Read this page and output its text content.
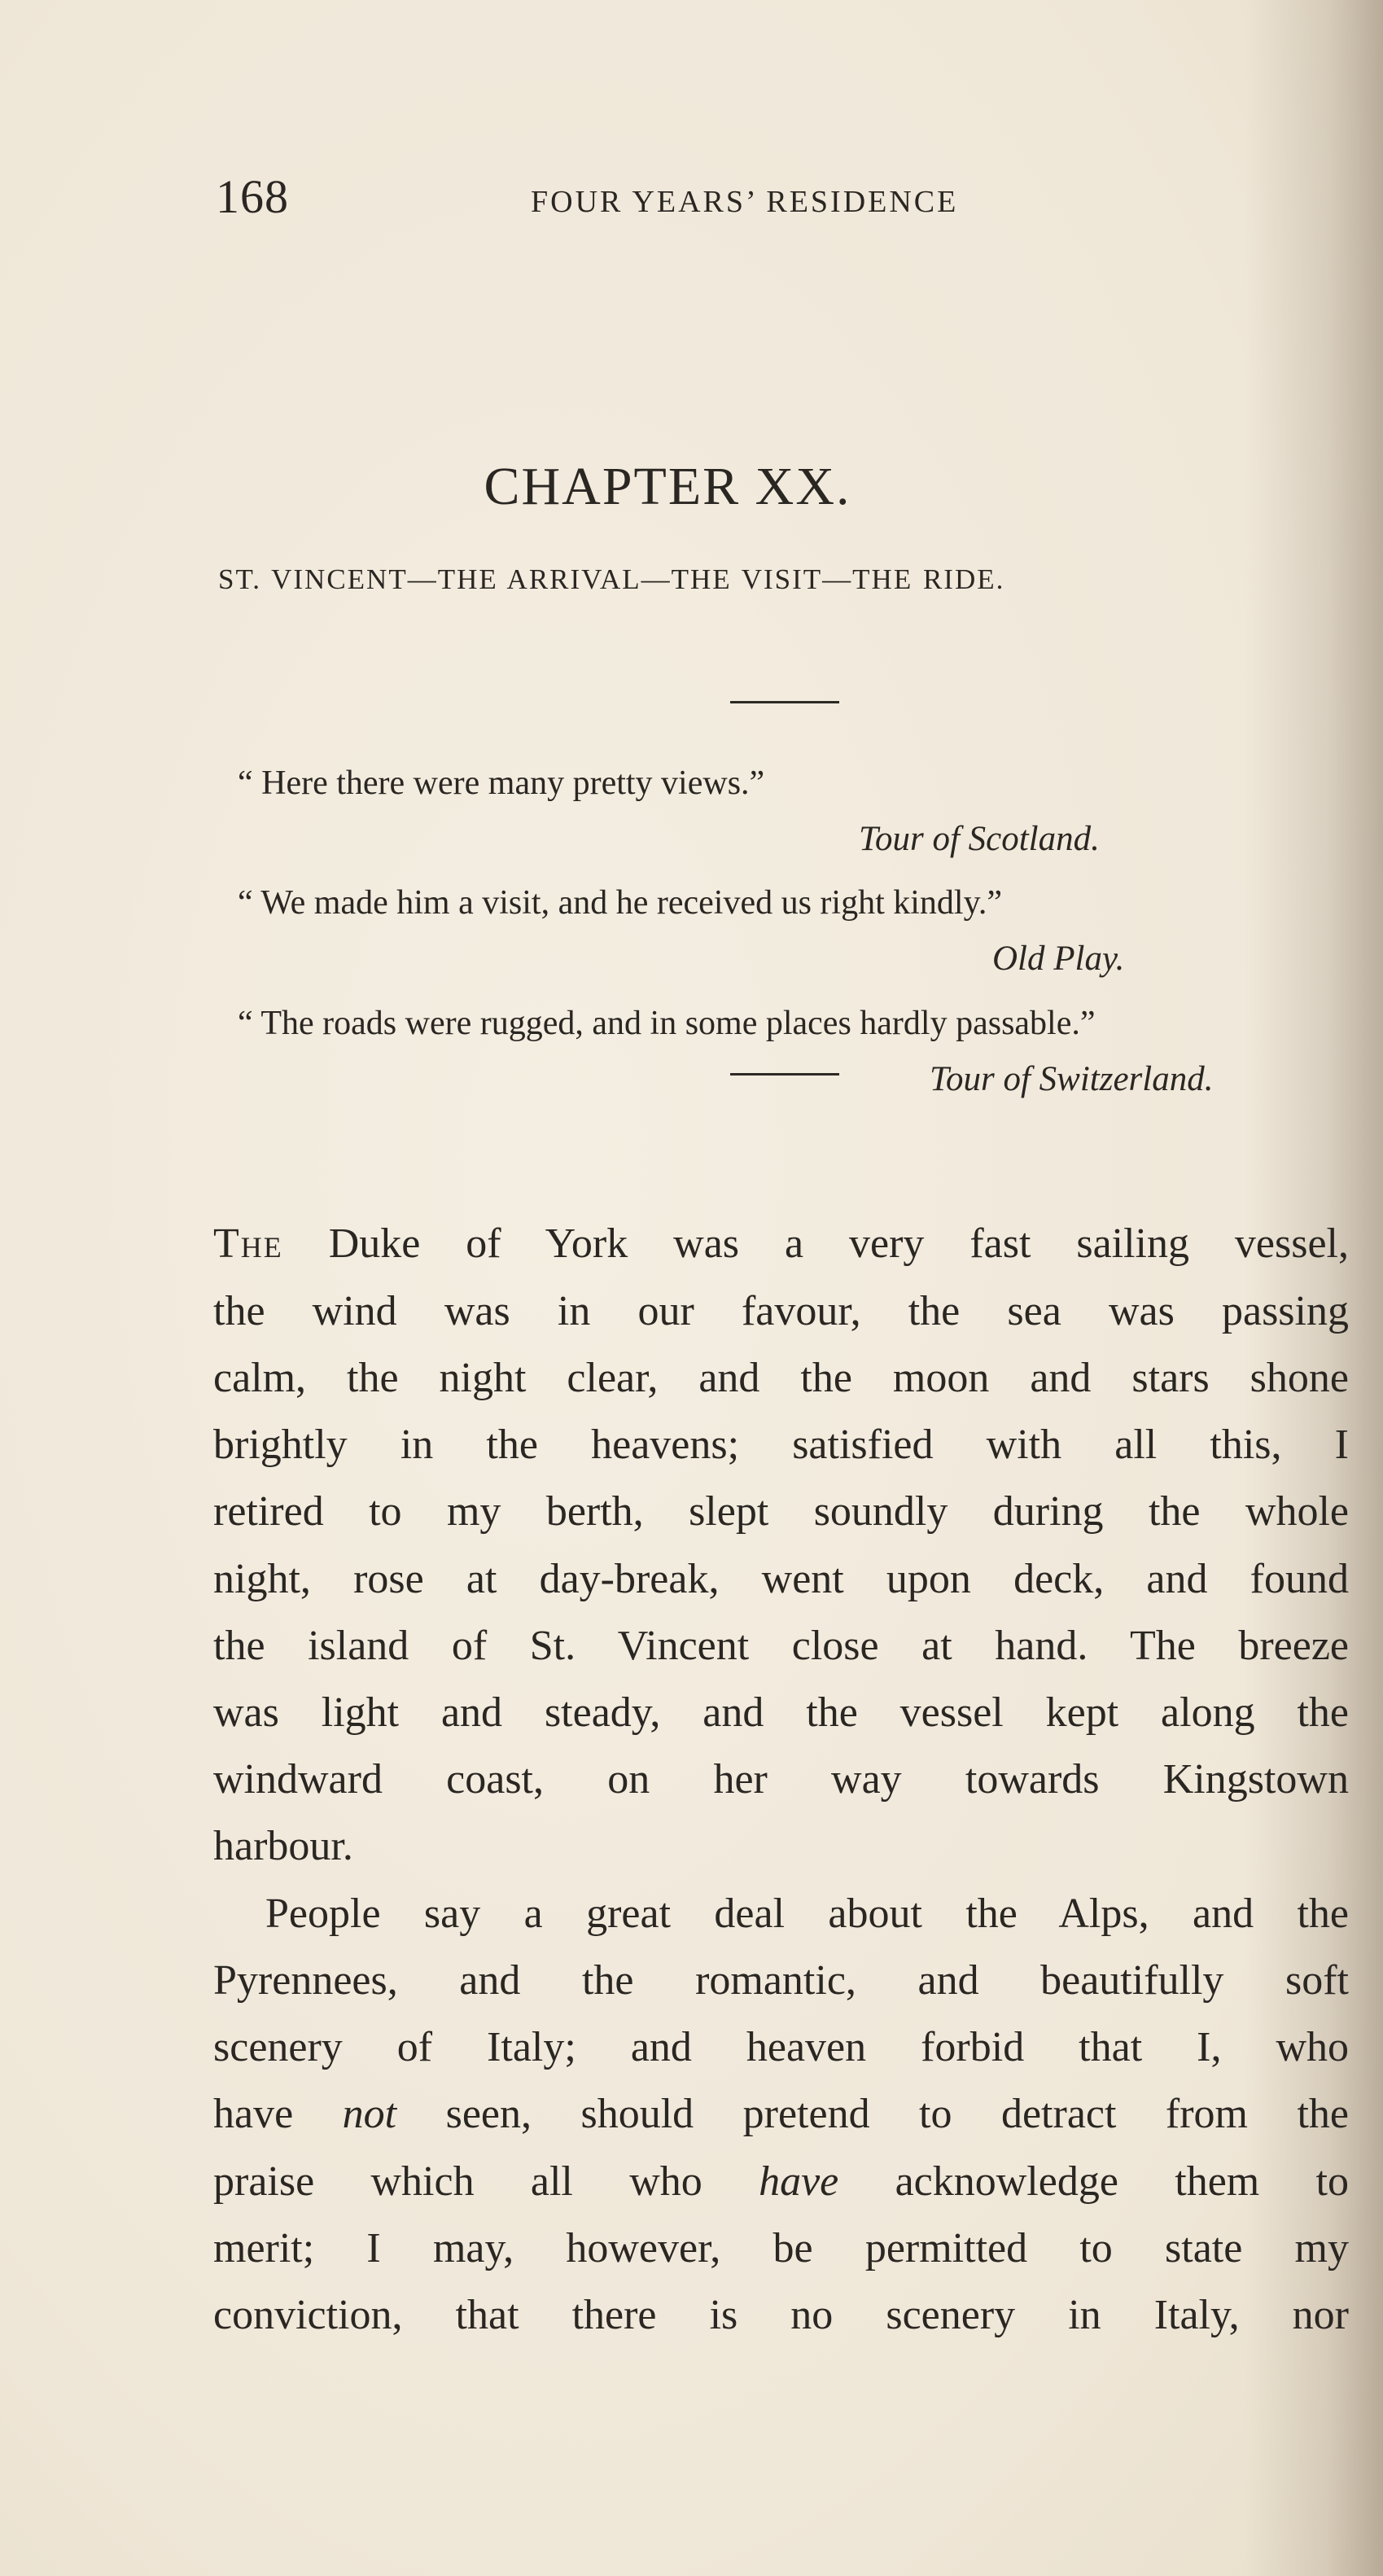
168	FOUR YEARS’ RESIDENCE
CHAPTER XX.
ST. VINCENT—THE ARRIVAL—THE VISIT—THE RIDE.
“ Here there were many pretty views.”
Tour of Scotland.
“ We made him a visit, and he received us right kindly.”
Old Play.
“ The roads were rugged, and in some places hardly passable.”
Tour of Switzerland.
The Duke of York was a very fast sailing vessel,
the wind was in our favour, the sea was passing
calm, the night clear, and the moon and stars shone
brightly in the heavens; satisfied with all this, I
retired to my berth, slept soundly during the whole
night, rose at day-break, went upon deck, and found
the island of St. Vincent close at hand. The breeze
was light and steady, and the vessel kept along the
windward coast, on her way towards Kingstown
harbour.
People say a great deal about the Alps, and the
Pyrennees, and the romantic, and beautifully soft
scenery of Italy; and heaven forbid that I, who
have not seen, should pretend to detract from the
praise which all who have acknowledge them to
merit; I may, however, be permitted to state my
conviction, that there is no scenery in Italy, nor
